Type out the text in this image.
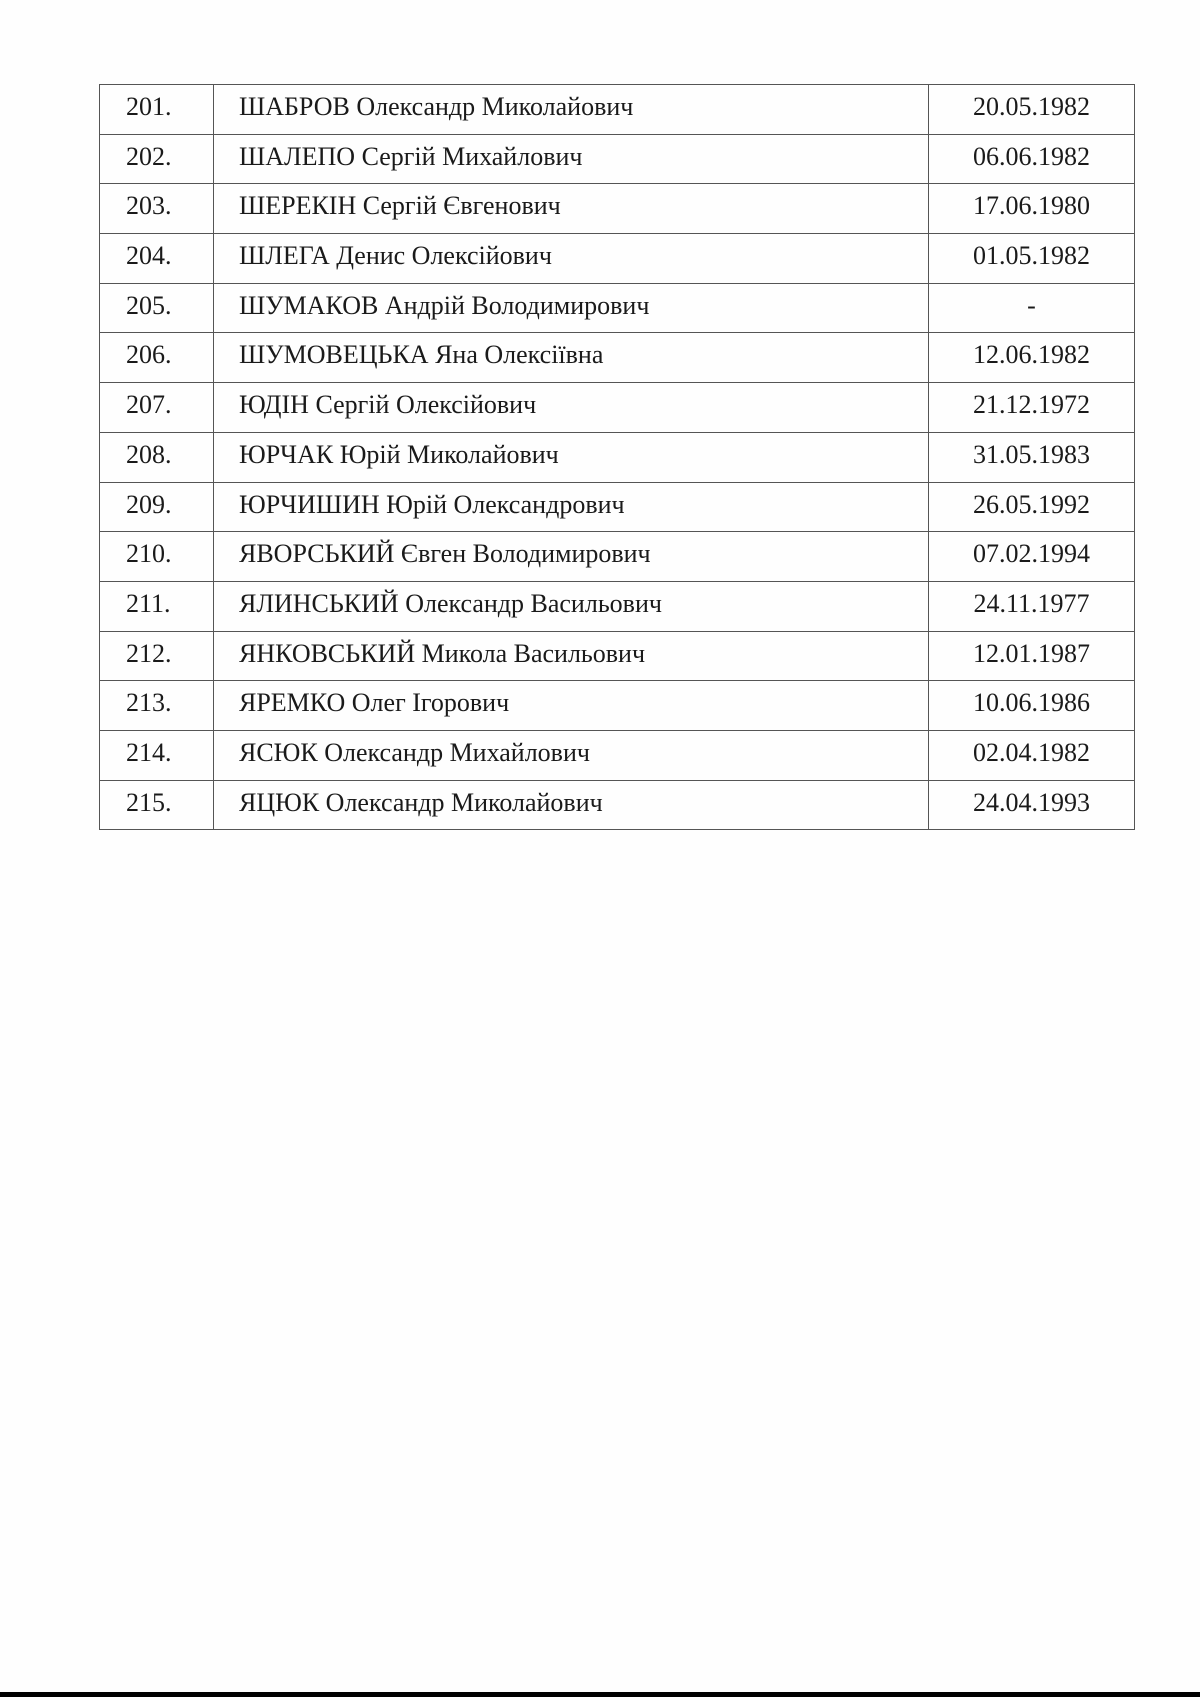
201.	ШАБРОВ Олександр Миколайович	20.05.1982
202.	ШАЛЕПО Сергій Михайлович	06.06.1982
203.	ШЕРЕКІН Сергій Євгенович	17.06.1980
204.	ШЛЕГА Денис Олексійович	01.05.1982
205.	ШУМАКОВ Андрій Володимирович	-
206.	ШУМОВЕЦЬКА Яна Олексіївна	12.06.1982
207.	ЮДІН Сергій Олексійович	21.12.1972
208.	ЮРЧАК Юрій Миколайович	31.05.1983
209.	ЮРЧИШИН Юрій Олександрович	26.05.1992
210.	ЯВОРСЬКИЙ Євген Володимирович	07.02.1994
211.	ЯЛИНСЬКИЙ Олександр Васильович	24.11.1977
212.	ЯНКОВСЬКИЙ Микола Васильович	12.01.1987
213.	ЯРЕМКО Олег Ігорович	10.06.1986
214.	ЯСЮК Олександр Михайлович	02.04.1982
215.	ЯЦЮК Олександр Миколайович	24.04.1993
